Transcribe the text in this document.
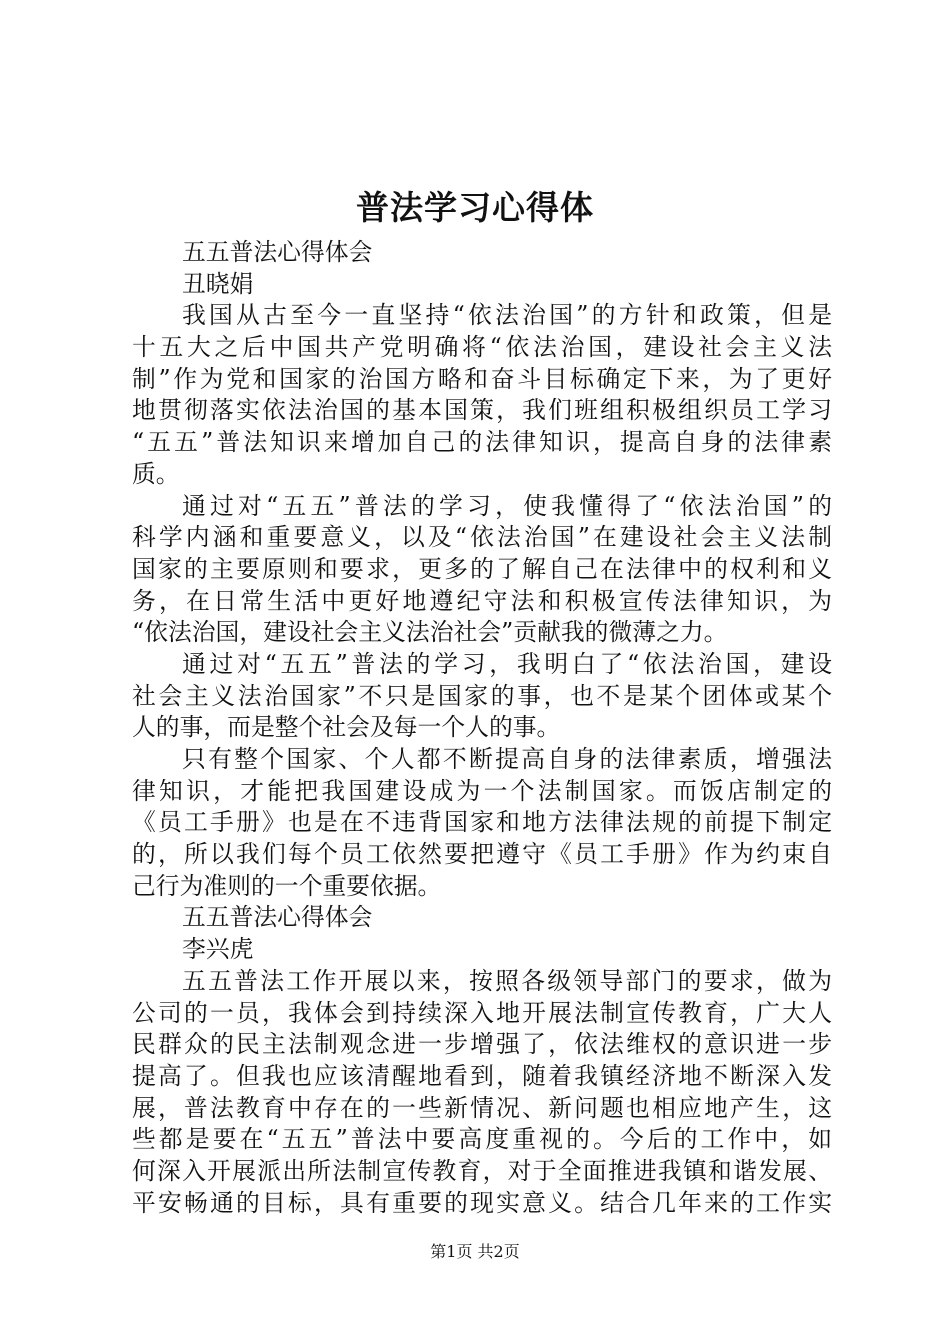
普法学习心得体
五五普法心得体会
丑晓娟
我国从古至今一直坚持“依法治国”的方针和政策，但是
十五大之后中国共产党明确将“依法治国，建设社会主义法
制”作为党和国家的治国方略和奋斗目标确定下来，为了更好
地贯彻落实依法治国的基本国策，我们班组积极组织员工学习
“五五”普法知识来增加自己的法律知识，提高自身的法律素
质。
通过对“五五”普法的学习，使我懂得了“依法治国”的
科学内涵和重要意义，以及“依法治国”在建设社会主义法制
国家的主要原则和要求，更多的了解自己在法律中的权利和义
务，在日常生活中更好地遵纪守法和积极宣传法律知识，为
“依法治国，建设社会主义法治社会”贡献我的微薄之力。
通过对“五五”普法的学习，我明白了“依法治国，建设
社会主义法治国家”不只是国家的事，也不是某个团体或某个
人的事，而是整个社会及每一个人的事。
只有整个国家、个人都不断提高自身的法律素质，增强法
律知识，才能把我国建设成为一个法制国家。而饭店制定的
《员工手册》也是在不违背国家和地方法律法规的前提下制定
的，所以我们每个员工依然要把遵守《员工手册》作为约束自
己行为准则的一个重要依据。
五五普法心得体会
李兴虎
五五普法工作开展以来，按照各级领导部门的要求，做为
公司的一员，我体会到持续深入地开展法制宣传教育，广大人
民群众的民主法制观念进一步增强了，依法维权的意识进一步
提高了。但我也应该清醒地看到，随着我镇经济地不断深入发
展，普法教育中存在的一些新情况、新问题也相应地产生，这
些都是要在“五五”普法中要高度重视的。今后的工作中，如
何深入开展派出所法制宣传教育，对于全面推进我镇和谐发展、
平安畅通的目标，具有重要的现实意义。结合几年来的工作实
第1页 共2页
